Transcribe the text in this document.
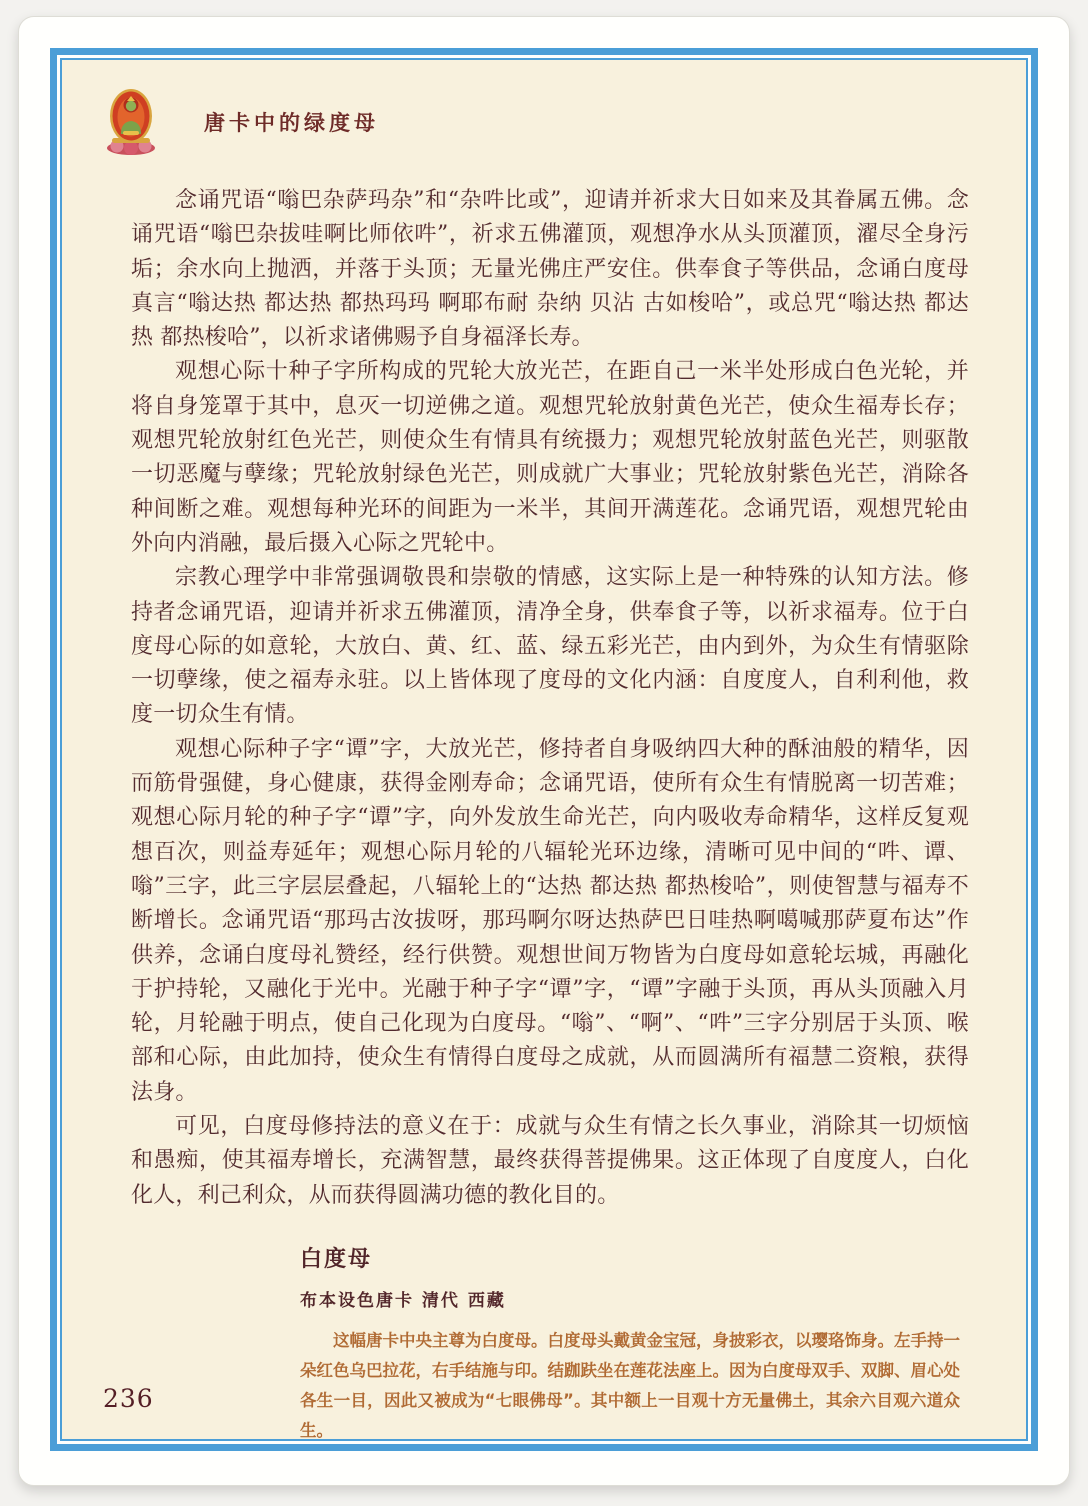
唐卡中的绿度母

念诵咒语“嗡巴杂萨玛杂”和“杂吽比或”，迎请并祈求大日如来及其眷属五佛。念诵咒语“嗡巴杂拔哇啊比师依吽”，祈求五佛灌顶，观想净水从头顶灌顶，濯尽全身污垢；余水向上抛洒，并落于头顶；无量光佛庄严安住。供奉食子等供品，念诵白度母真言“嗡达热 都达热 都热玛玛 啊耶布耐 杂纳 贝沾 古如梭哈”，或总咒“嗡达热 都达热 都热梭哈”，以祈求诸佛赐予自身福泽长寿。

观想心际十种子字所构成的咒轮大放光芒，在距自己一米半处形成白色光轮，并将自身笼罩于其中，息灭一切逆佛之道。观想咒轮放射黄色光芒，使众生福寿长存；观想咒轮放射红色光芒，则使众生有情具有统摄力；观想咒轮放射蓝色光芒，则驱散一切恶魔与孽缘；咒轮放射绿色光芒，则成就广大事业；咒轮放射紫色光芒，消除各种间断之难。观想每种光环的间距为一米半，其间开满莲花。念诵咒语，观想咒轮由外向内消融，最后摄入心际之咒轮中。

宗教心理学中非常强调敬畏和崇敬的情感，这实际上是一种特殊的认知方法。修持者念诵咒语，迎请并祈求五佛灌顶，清净全身，供奉食子等，以祈求福寿。位于白度母心际的如意轮，大放白、黄、红、蓝、绿五彩光芒，由内到外，为众生有情驱除一切孽缘，使之福寿永驻。以上皆体现了度母的文化内涵：自度度人，自利利他，救度一切众生有情。

观想心际种子字“谭”字，大放光芒，修持者自身吸纳四大种的酥油般的精华，因而筋骨强健，身心健康，获得金刚寿命；念诵咒语，使所有众生有情脱离一切苦难；观想心际月轮的种子字“谭”字，向外发放生命光芒，向内吸收寿命精华，这样反复观想百次，则益寿延年；观想心际月轮的八辐轮光环边缘，清晰可见中间的“吽、谭、嗡”三字，此三字层层叠起，八辐轮上的“达热 都达热 都热梭哈”，则使智慧与福寿不断增长。念诵咒语“那玛古汝拔呀，那玛啊尔呀达热萨巴日哇热啊噶喊那萨夏布达”作供养，念诵白度母礼赞经，经行供赞。观想世间万物皆为白度母如意轮坛城，再融化于护持轮，又融化于光中。光融于种子字“谭”字，“谭”字融于头顶，再从头顶融入月轮，月轮融于明点，使自己化现为白度母。“嗡”、“啊”、“吽”三字分别居于头顶、喉部和心际，由此加持，使众生有情得白度母之成就，从而圆满所有福慧二资粮，获得法身。

可见，白度母修持法的意义在于：成就与众生有情之长久事业，消除其一切烦恼和愚痴，使其福寿增长，充满智慧，最终获得菩提佛果。这正体现了自度度人，白化化人，利己利众，从而获得圆满功德的教化目的。

白度母
布本设色唐卡 清代 西藏
这幅唐卡中央主尊为白度母。白度母头戴黄金宝冠，身披彩衣，以璎珞饰身。左手持一朵红色乌巴拉花，右手结施与印。结跏趺坐在莲花法座上。因为白度母双手、双脚、眉心处各生一目，因此又被成为“七眼佛母”。其中额上一目观十方无量佛土，其余六目观六道众生。
236
